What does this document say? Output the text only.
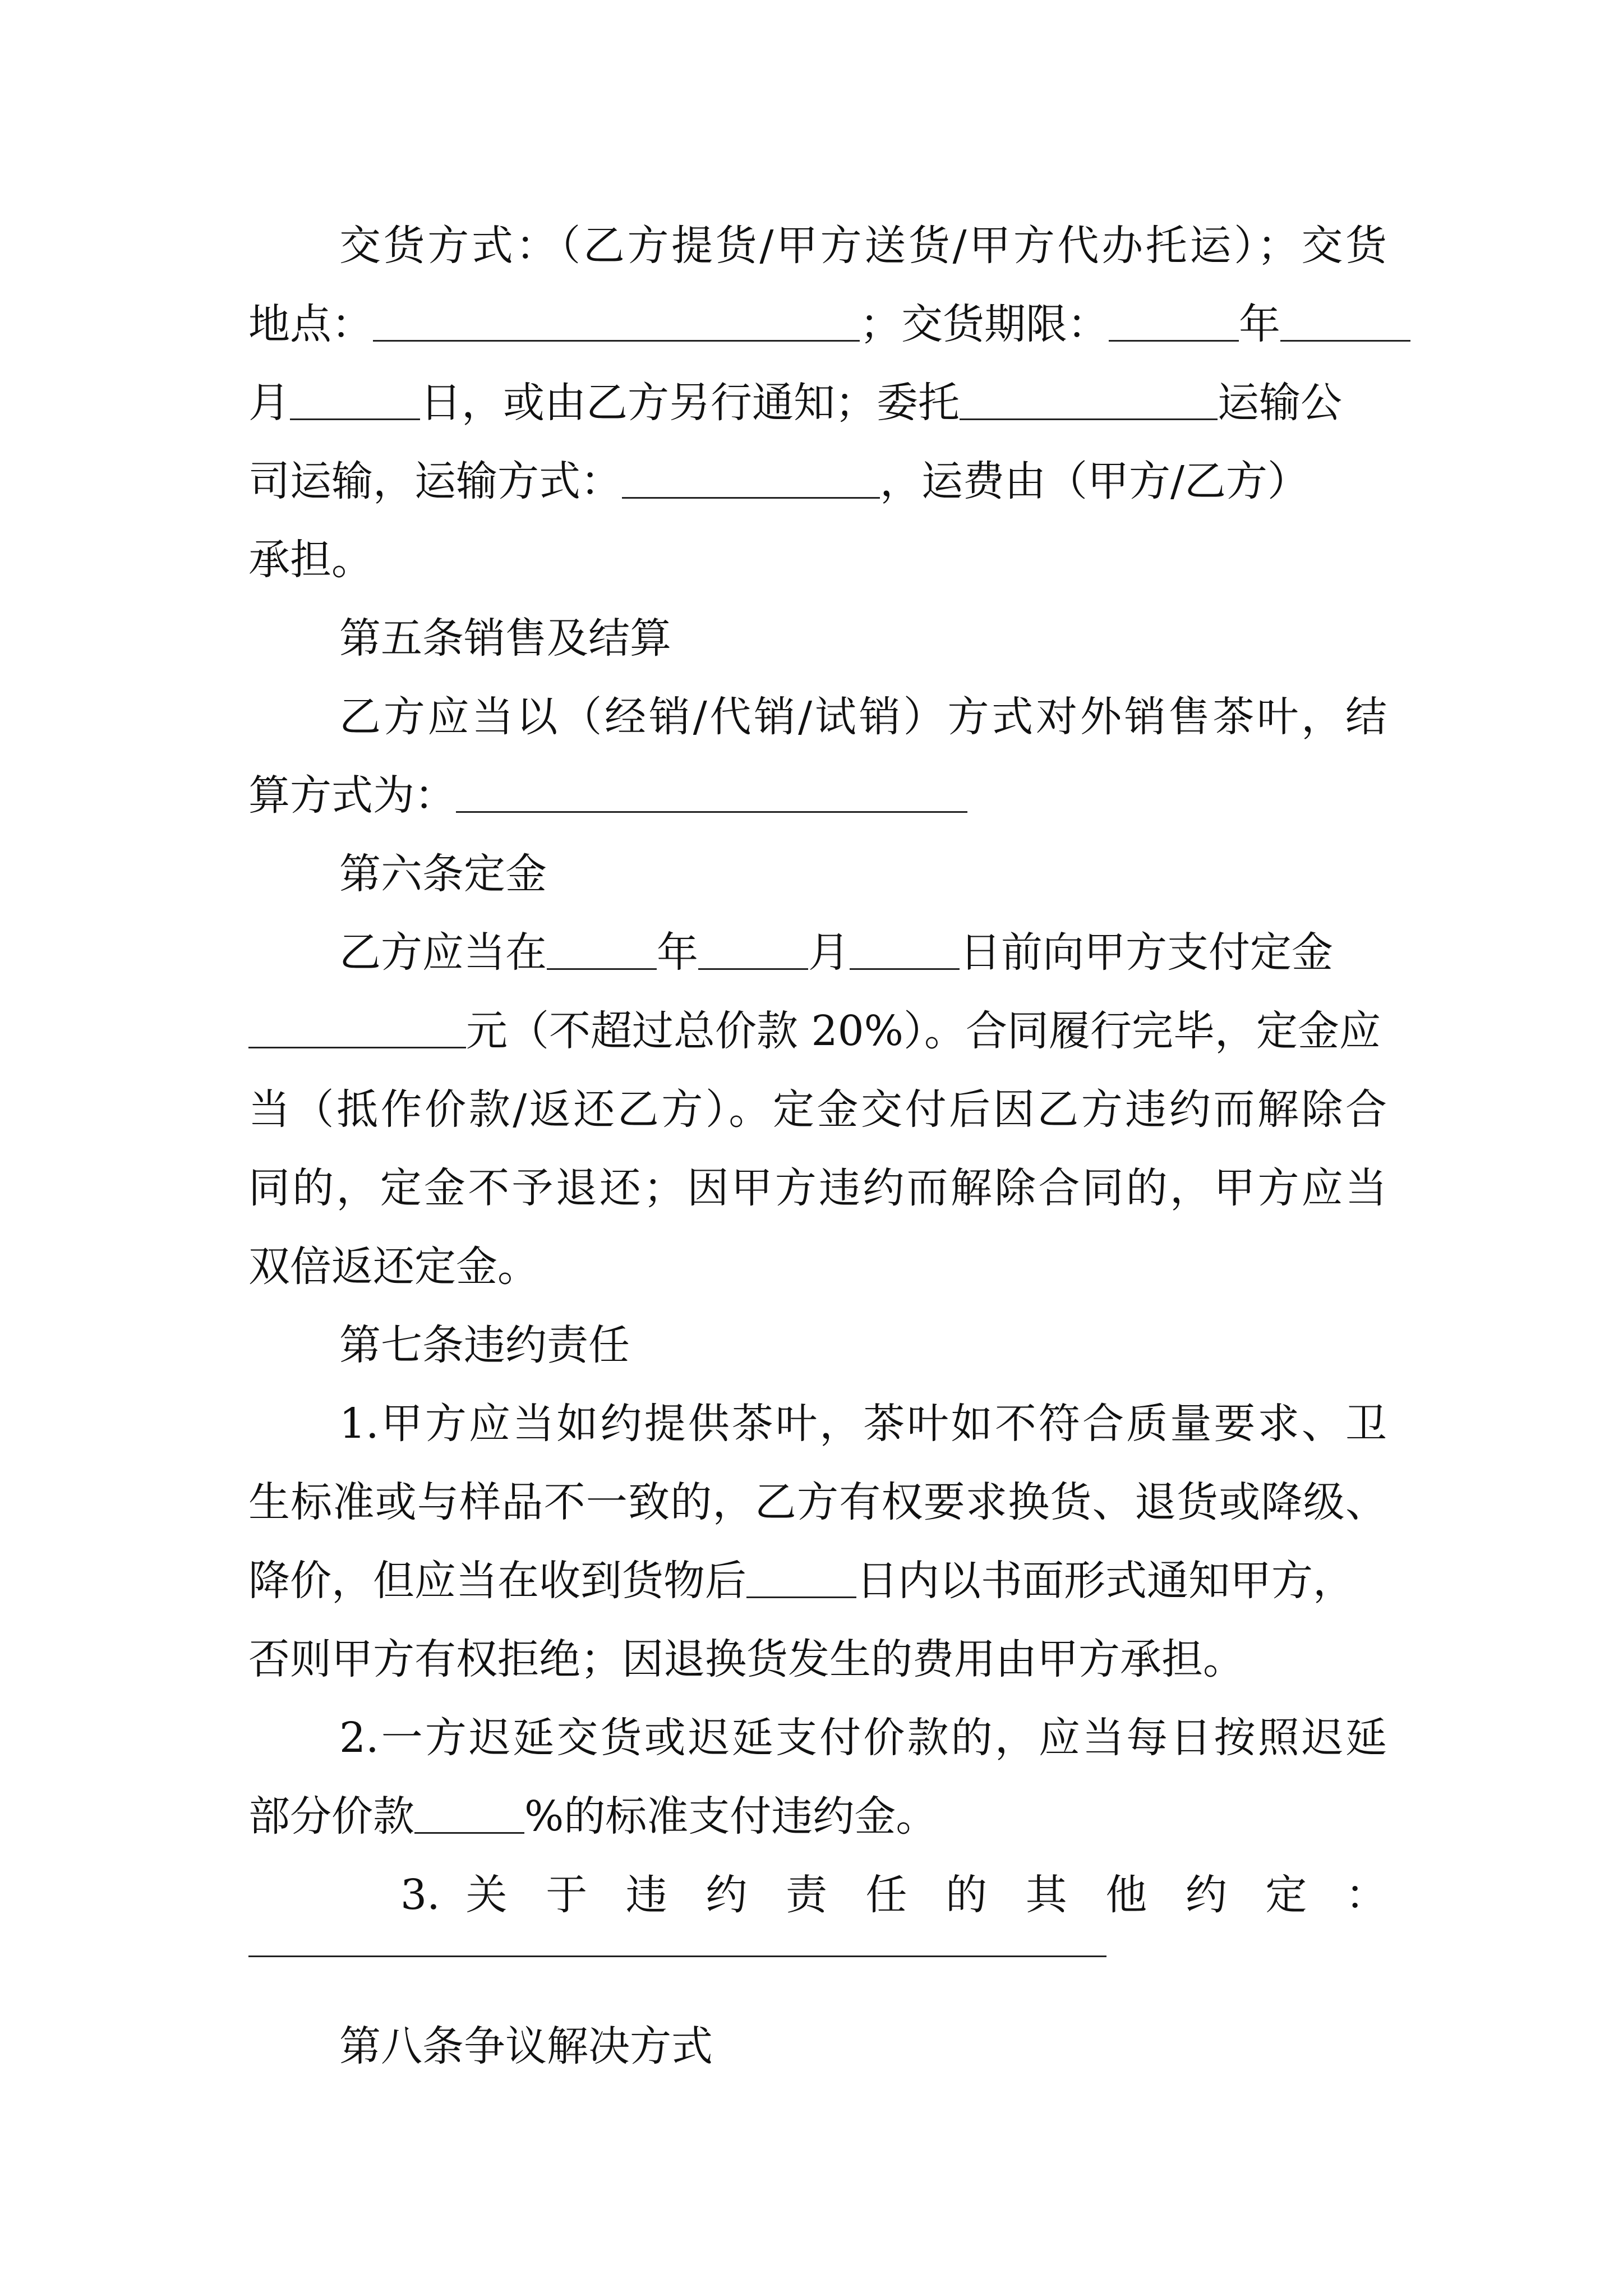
交货方式：（乙方提货/甲方送货/甲方代办托运）；交货
地点：	；交货期限：	年
月	日，或由乙方另行通知；委托	运输公
司运输，运输方式：	，运费由（甲方/乙方）
承担。
第五条销售及结算
乙方应当以（经销/代销/试销）方式对外销售茶叶，结
算方式为：
第六条定金
乙方应当在	年	月	日前向甲方支付定金
元（不超过总价款 20%）。合同履行完毕，定金应
当（抵作价款/返还乙方）。定金交付后因乙方违约而解除合
同的，定金不予退还；因甲方违约而解除合同的，甲方应当
双倍返还定金。
第七条违约责任
1.甲方应当如约提供茶叶，茶叶如不符合质量要求、卫
生标准或与样品不一致的，乙方有权要求换货、退货或降级、
降价，但应当在收到货物后	日内以书面形式通知甲方，
否则甲方有权拒绝；因退换货发生的费用由甲方承担。
2.一方迟延交货或迟延支付价款的，应当每日按照迟延
部分价款	%的标准支付违约金。
3. 关 于 违 约 责 任 的 其 他 约 定 ：
第八条争议解决方式
